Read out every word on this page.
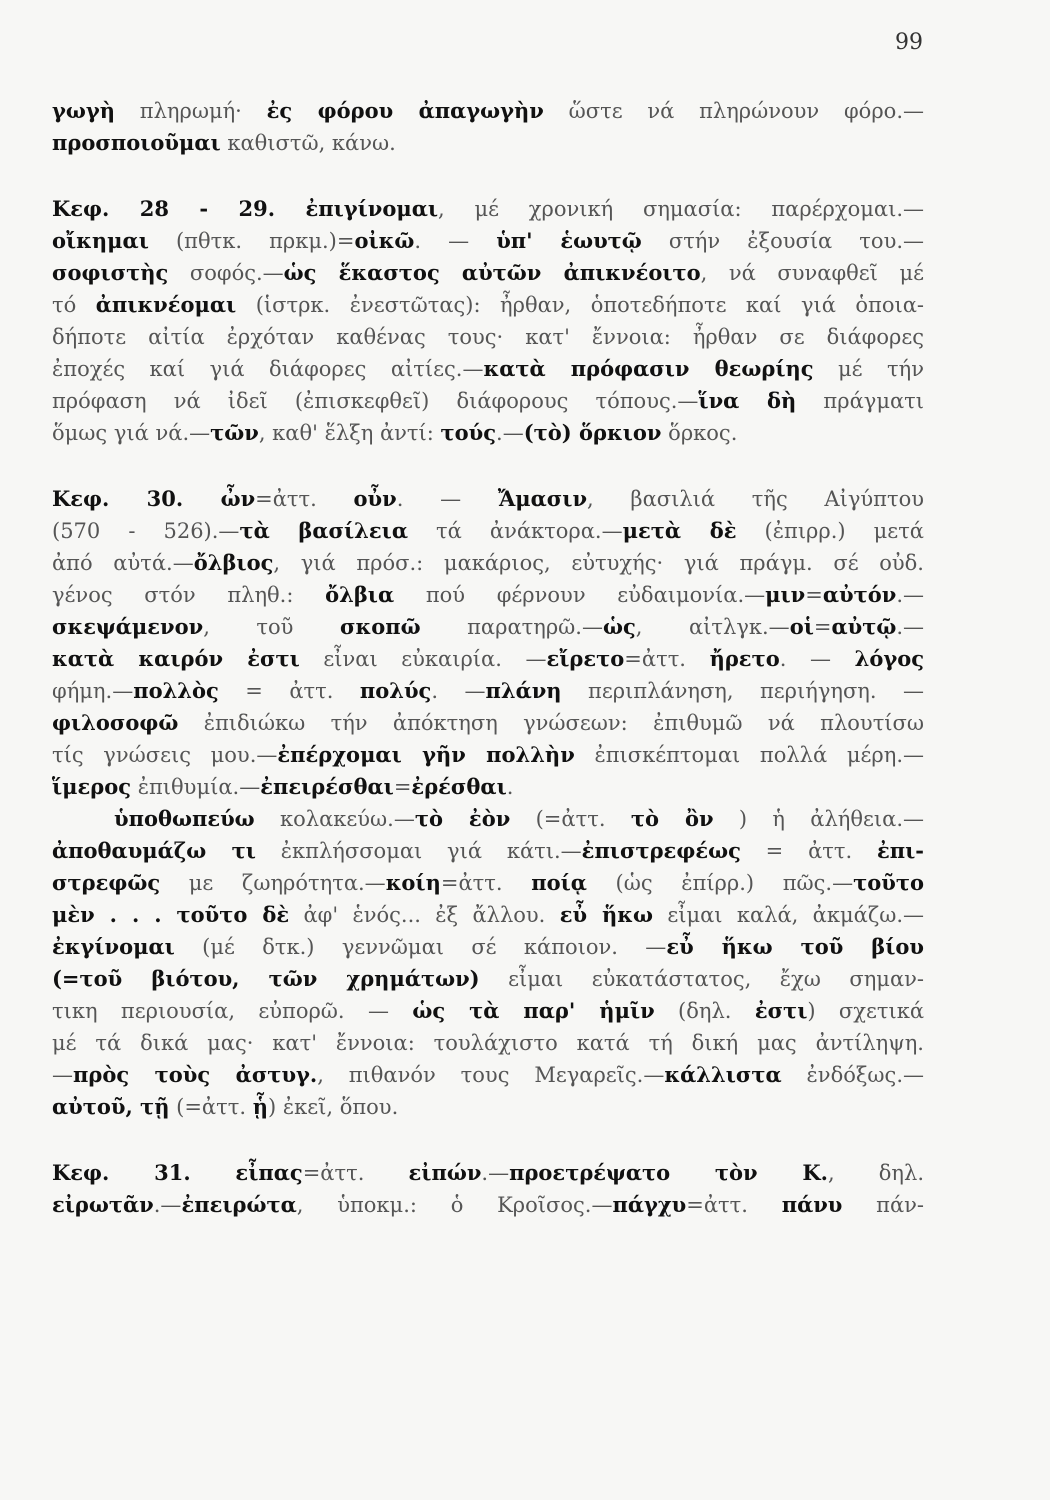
99
γωγὴ πληρωμή· ἐς φόρου ἀπαγωγὴν ὥστε νά πληρώνουν φόρο.—
προσποιοῦμαι καθιστῶ, κάνω.
Κεφ. 28 - 29. ἐπιγίνομαι, μέ χρονική σημασία: παρέρχομαι.—
οἴκημαι (πθτκ. πρκμ.)=οἰκῶ. — ὑπ' ἑωυτῷ στήν ἐξουσία του.—
σοφιστὴς σοφός.—ὡς ἕκαστος αὐτῶν ἀπικνέοιτο, νά συναφθεῖ μέ
τό ἀπικνέομαι (ἱστρκ. ἐνεστῶτας): ἦρθαν, ὁποτεδήποτε καί γιά ὁποια-
δήποτε αἰτία ἐρχόταν καθένας τους· κατ' ἔννοια: ἦρθαν σε διάφορες
ἐποχές καί γιά διάφορες αἰτίες.—κατὰ πρόφασιν θεωρίης μέ τήν
πρόφαση νά ἰδεῖ (ἐπισκεφθεῖ) διάφορους τόπους.—ἵνα δὴ πράγματι
ὅμως γιά νά.—τῶν, καθ' ἕλξη ἀντί: τούς.—(τὸ) ὅρκιον ὅρκος.
Κεφ. 30. ὦν=ἀττ. οὖν. — Ἄμασιν, βασιλιά τῆς Αἰγύπτου
(570 - 526).—τὰ βασίλεια τά ἀνάκτορα.—μετὰ δὲ (ἐπιρρ.) μετά
ἀπό αὐτά.—ὄλβιος, γιά πρόσ.: μακάριος, εὐτυχής· γιά πράγμ. σέ οὐδ.
γένος στόν πληθ.: ὄλβια πού φέρνουν εὐδαιμονία.—μιν=αὐτόν.—
σκεψάμενον, τοῦ σκοπῶ παρατηρῶ.—ὡς, αἰτλγκ.—οἱ=αὐτῷ.—
κατὰ καιρόν ἐστι εἶναι εὐκαιρία. —εἴρετο=ἀττ. ἤρετο. — λόγος
φήμη.—πολλὸς = ἀττ. πολύς. —πλάνη περιπλάνηση, περιήγηση. —
φιλοσοφῶ ἐπιδιώκω τήν ἀπόκτηση γνώσεων: ἐπιθυμῶ νά πλουτίσω
τίς γνώσεις μου.—ἐπέρχομαι γῆν πολλὴν ἐπισκέπτομαι πολλά μέρη.—
ἵμερος ἐπιθυμία.—ἐπειρέσθαι=ἐρέσθαι.
ὑποθωπεύω κολακεύω.—τὸ ἐὸν (=ἀττ. τὸ ὂν ) ἡ ἀλήθεια.—
ἀποθαυμάζω τι ἐκπλήσσομαι γιά κάτι.—ἐπιστρεφέως = ἀττ. ἐπι-
στρεφῶς με ζωηρότητα.—κοίη=ἀττ. ποίᾳ (ὡς ἐπίρρ.) πῶς.—τοῦτο
μὲν . . . τοῦτο δὲ ἀφ' ἑνός... ἐξ ἄλλου. εὖ ἥκω εἶμαι καλά, ἀκμάζω.—
ἐκγίνομαι (μέ δτκ.) γεννῶμαι σέ κάποιον. —εὖ ἥκω τοῦ βίου
(=τοῦ βιότου, τῶν χρημάτων) εἶμαι εὐκατάστατος, ἔχω σημαν-
τικη περιουσία, εὐπορῶ. — ὡς τὰ παρ' ἡμῖν (δηλ. ἐστι) σχετικά
μέ τά δικά μας· κατ' ἔννοια: τουλάχιστο κατά τή δική μας ἀντίληψη.
—πρὸς τοὺς ἀστυγ., πιθανόν τους Μεγαρεῖς.—κάλλιστα ἐνδόξως.—
αὐτοῦ, τῇ (=ἀττ. ᾗ) ἐκεῖ, ὅπου.
Κεφ. 31. εἶπας=ἀττ. εἰπών.—προετρέψατο τὸν Κ., δηλ.
εἰρωτᾶν.—ἐπειρώτα, ὑποκμ.: ὁ Κροῖσος.—πάγχυ=ἀττ. πάνυ πάν-
